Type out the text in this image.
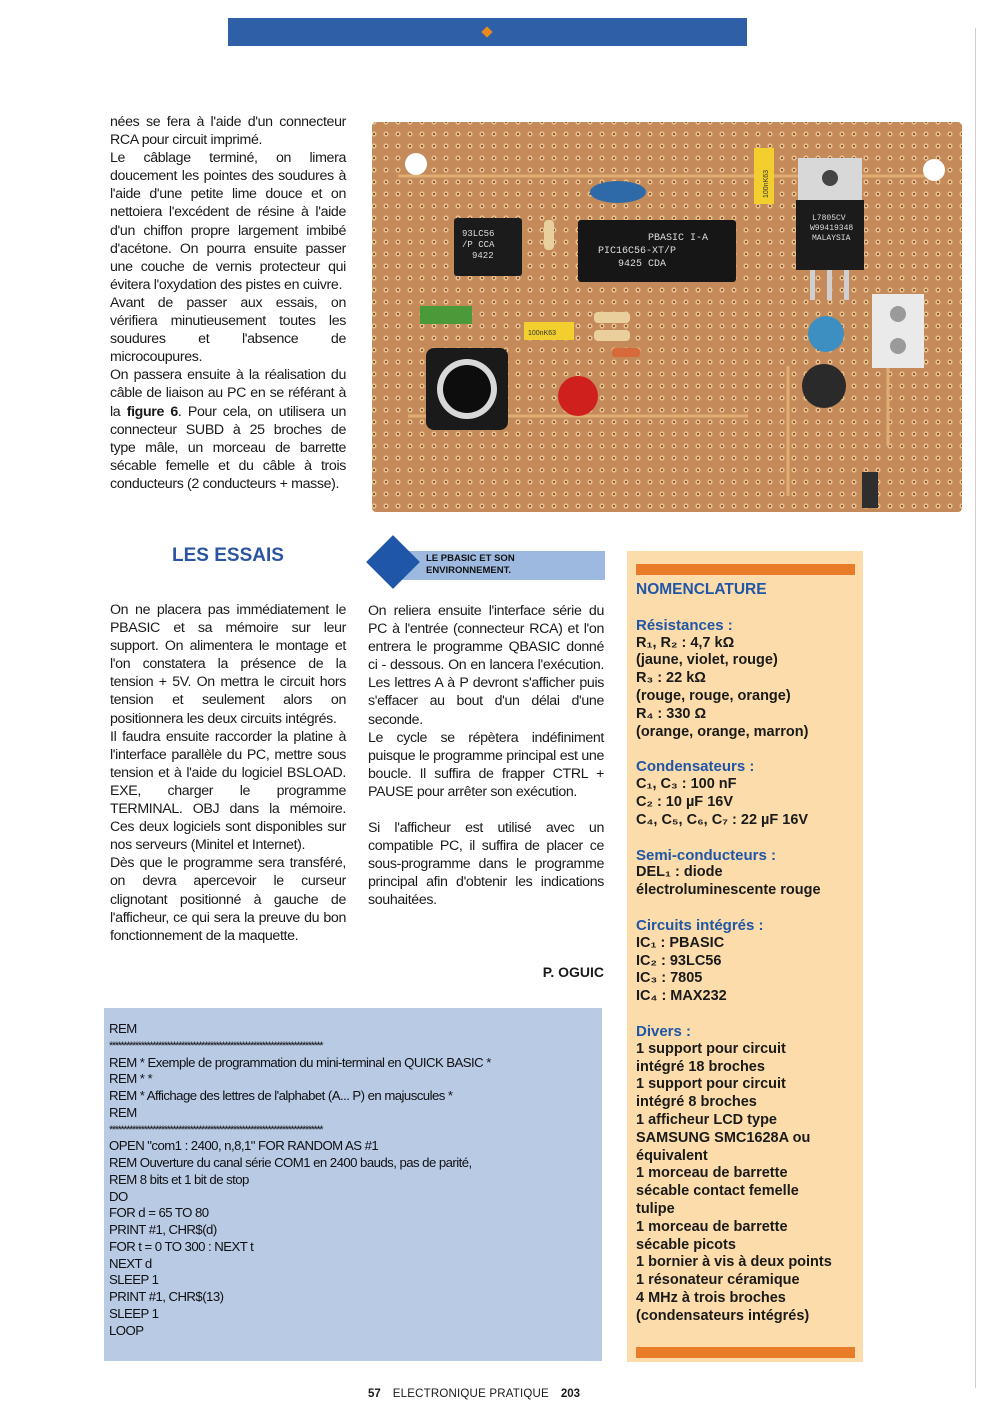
nées se fera à l'aide d'un connecteur RCA pour circuit imprimé.

Le câblage terminé, on limera doucement les pointes des soudures à l'aide d'une petite lime douce et on nettoiera l'excédent de résine à l'aide d'un chiffon propre largement imbibé d'acétone. On pourra ensuite passer une couche de vernis protecteur qui évitera l'oxydation des pistes en cuivre.

Avant de passer aux essais, on vérifiera minutieusement toutes les soudures et l'absence de microcoupures.

On passera ensuite à la réalisation du câble de liaison au PC en se référant à la figure 6. Pour cela, on utilisera un connecteur SUBD à 25 broches de type mâle, un morceau de barrette sécable femelle et du câble à trois conducteurs (2 conducteurs + masse).

LES ESSAIS

On ne placera pas immédiatement le PBASIC et sa mémoire sur leur support. On alimentera le montage et l'on constatera la présence de la tension + 5V. On mettra le circuit hors tension et seulement alors on positionnera les deux circuits intégrés.

Il faudra ensuite raccorder la platine à l'interface parallèle du PC, mettre sous tension et à l'aide du logiciel BSLOAD. EXE, charger le programme TERMINAL. OBJ dans la mémoire. Ces deux logiciels sont disponibles sur nos serveurs (Minitel et Internet).

Dès que le programme sera transféré, on devra apercevoir le curseur clignotant positionné à gauche de l'afficheur, ce qui sera la preuve du bon fonctionnement de la maquette.

LE PBASIC ET SON
ENVIRONNEMENT.

On reliera ensuite l'interface série du PC à l'entrée (connecteur RCA) et l'on entrera le programme QBASIC donné ci - dessous. On en lancera l'exécution. Les lettres A à P devront s'afficher puis s'effacer au bout d'un délai d'une seconde.

Le cycle se répètera indéfiniment puisque le programme principal est une boucle. Il suffira de frapper CTRL + PAUSE pour arrêter son exécution.

Si l'afficheur est utilisé avec un compatible PC, il suffira de placer ce sous-programme dans le programme principal afin d'obtenir les indications souhaitées.

P. OGUIC
93LC56
/P CCA
9422
PBASIC I-A
PIC16C56-XT/P
9425 CDA
L7805CV
W99419348
MALAYSIA
100nK63
100nK63
NOMENCLATURE
Résistances :
R₁, R₂ : 4,7 kΩ
(jaune, violet, rouge)
R₃ : 22 kΩ
(rouge, rouge, orange)
R₄ : 330 Ω
(orange, orange, marron)
Condensateurs :
C₁, C₃ : 100 nF
C₂ : 10 µF 16V
C₄, C₅, C₆, C₇ : 22 µF 16V
Semi-conducteurs :
DEL₁ : diode
électroluminescente rouge
Circuits intégrés :
IC₁ : PBASIC
IC₂ : 93LC56
IC₃ : 7805
IC₄ : MAX232
Divers :
1 support pour circuit
intégré 18 broches
1 support pour circuit
intégré 8 broches
1 afficheur LCD type
SAMSUNG SMC1628A ou
équivalent
1 morceau de barrette
sécable contact femelle
tulipe
1 morceau de barrette
sécable picots
1 bornier à vis à deux points
1 résonateur céramique
4 MHz à trois broches
(condensateurs intégrés)
REM
**************************************************************************
REM * Exemple de programmation du mini-terminal en QUICK BASIC *
REM * *
REM * Affichage des lettres de l'alphabet (A... P) en majuscules *
REM
**************************************************************************
OPEN "com1 : 2400, n,8,1" FOR RANDOM AS #1
REM Ouverture du canal série COM1 en 2400 bauds, pas de parité,
REM 8 bits et 1 bit de stop
DO
FOR d = 65 TO 80
PRINT #1, CHR$(d)
FOR t = 0 TO 300 : NEXT t
NEXT d
SLEEP 1
PRINT #1, CHR$(13)
SLEEP 1
LOOP
57 ELECTRONIQUE PRATIQUE 203
